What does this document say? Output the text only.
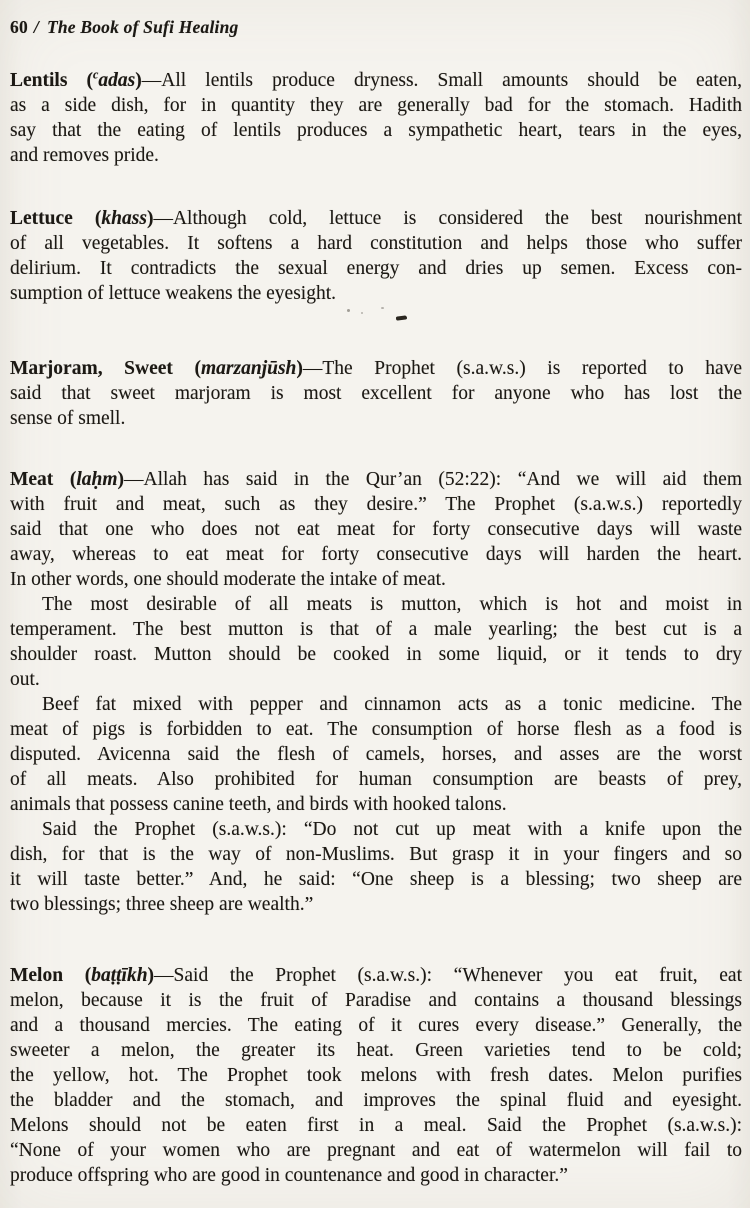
60 / The Book of Sufi Healing
Lentils ($^c$adas)—All lentils produce dryness. Small amounts should be eaten,
as a side dish, for in quantity they are generally bad for the stomach. Hadith
say that the eating of lentils produces a sympathetic heart, tears in the eyes,
and removes pride.
Lettuce (khass)—Although cold, lettuce is considered the best nourishment
of all vegetables. It softens a hard constitution and helps those who suffer
delirium. It contradicts the sexual energy and dries up semen. Excess con-
sumption of lettuce weakens the eyesight.
Marjoram, Sweet (marzanjūsh)—The Prophet (s.a.w.s.) is reported to have
said that sweet marjoram is most excellent for anyone who has lost the
sense of smell.
Meat (laḥm)—Allah has said in the Qur’an (52:22): “And we will aid them
with fruit and meat, such as they desire.” The Prophet (s.a.w.s.) reportedly
said that one who does not eat meat for forty consecutive days will waste
away, whereas to eat meat for forty consecutive days will harden the heart.
In other words, one should moderate the intake of meat.
The most desirable of all meats is mutton, which is hot and moist in
temperament. The best mutton is that of a male yearling; the best cut is a
shoulder roast. Mutton should be cooked in some liquid, or it tends to dry
out.
Beef fat mixed with pepper and cinnamon acts as a tonic medicine. The
meat of pigs is forbidden to eat. The consumption of horse flesh as a food is
disputed. Avicenna said the flesh of camels, horses, and asses are the worst
of all meats. Also prohibited for human consumption are beasts of prey,
animals that possess canine teeth, and birds with hooked talons.
Said the Prophet (s.a.w.s.): “Do not cut up meat with a knife upon the
dish, for that is the way of non-Muslims. But grasp it in your fingers and so
it will taste better.” And, he said: “One sheep is a blessing; two sheep are
two blessings; three sheep are wealth.”
Melon (baṭṭīkh)—Said the Prophet (s.a.w.s.): “Whenever you eat fruit, eat
melon, because it is the fruit of Paradise and contains a thousand blessings
and a thousand mercies. The eating of it cures every disease.” Generally, the
sweeter a melon, the greater its heat. Green varieties tend to be cold;
the yellow, hot. The Prophet took melons with fresh dates. Melon purifies
the bladder and the stomach, and improves the spinal fluid and eyesight.
Melons should not be eaten first in a meal. Said the Prophet (s.a.w.s.):
“None of your women who are pregnant and eat of watermelon will fail to
produce offspring who are good in countenance and good in character.”
